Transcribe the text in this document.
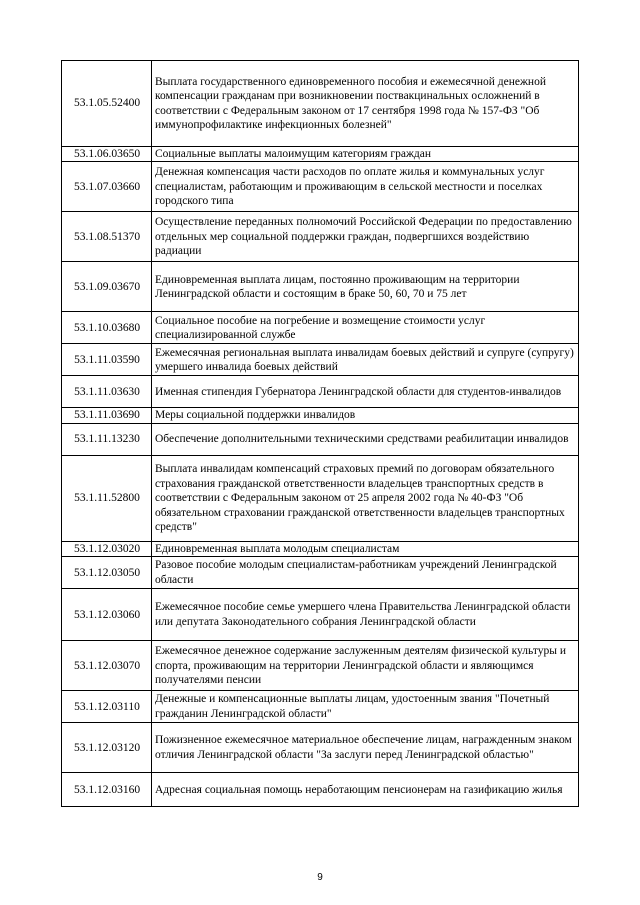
53.1.05.52400	Выплата государственного единовременного пособия и ежемесячной денежной компенсации гражданам при возникновении поствакцинальных осложнений в соответствии с Федеральным законом от 17 сентября 1998 года № 157-ФЗ "Об иммунопрофилактике инфекционных болезней"
53.1.06.03650	Социальные выплаты малоимущим категориям граждан
53.1.07.03660	Денежная компенсация части расходов по оплате жилья и коммунальных услуг специалистам, работающим и проживающим в сельской местности и поселках городского типа
53.1.08.51370	Осуществление переданных полномочий Российской Федерации по предоставлению отдельных мер социальной поддержки граждан, подвергшихся воздействию радиации
53.1.09.03670	Единовременная выплата лицам, постоянно проживающим на территории Ленинградской области и состоящим в браке 50, 60, 70 и 75 лет
53.1.10.03680	Социальное пособие на погребение и возмещение стоимости услуг специализированной службе
53.1.11.03590	Ежемесячная региональная выплата инвалидам боевых действий и супруге (супругу) умершего инвалида боевых действий
53.1.11.03630	Именная стипендия Губернатора Ленинградской области для студентов-инвалидов
53.1.11.03690	Меры социальной поддержки инвалидов
53.1.11.13230	Обеспечение дополнительными техническими средствами реабилитации инвалидов
53.1.11.52800	Выплата инвалидам компенсаций страховых премий по договорам обязательного страхования гражданской ответственности владельцев транспортных средств в соответствии с Федеральным законом от 25 апреля 2002 года № 40-ФЗ "Об обязательном страховании гражданской ответственности владельцев транспортных средств"
53.1.12.03020	Единовременная выплата молодым специалистам
53.1.12.03050	Разовое пособие молодым специалистам-работникам учреждений Ленинградской области
53.1.12.03060	Ежемесячное пособие семье умершего члена Правительства Ленинградской области или депутата Законодательного собрания Ленинградской области
53.1.12.03070	Ежемесячное денежное содержание заслуженным деятелям физической культуры и спорта, проживающим на территории Ленинградской области и являющимся получателями пенсии
53.1.12.03110	Денежные и компенсационные выплаты лицам, удостоенным звания "Почетный гражданин Ленинградской области"
53.1.12.03120	Пожизненное ежемесячное материальное обеспечение лицам, награжденным знаком отличия Ленинградской области "За заслуги перед Ленинградской областью"
53.1.12.03160	Адресная социальная помощь неработающим пенсионерам на газификацию жилья
9
